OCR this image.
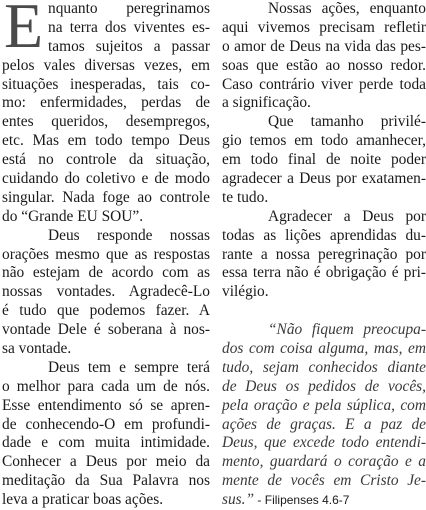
E nquanto peregrinamos
na terra dos viventes es-
tamos sujeitos a passar
pelos vales diversas vezes, em
situações inesperadas, tais co-
mo: enfermidades, perdas de
entes queridos, desempregos,
etc. Mas em todo tempo Deus
está no controle da situação,
cuidando do coletivo e de modo
singular. Nada foge ao controle
do “Grande EU SOU”.
Deus responde nossas
orações mesmo que as respostas
não estejam de acordo com as
nossas vontades. Agradecê-Lo
é tudo que podemos fazer. A
vontade Dele é soberana à nos-
sa vontade.
Deus tem e sempre terá
o melhor para cada um de nós.
Esse entendimento só se apren-
de conhecendo-O em profundi-
dade e com muita intimidade.
Conhecer a Deus por meio da
meditação da Sua Palavra nos
leva a praticar boas ações.
Nossas ações, enquanto
aqui vivemos precisam refletir
o amor de Deus na vida das pes-
soas que estão ao nosso redor.
Caso contrário viver perde toda
a significação.
Que tamanho privilé-
gio temos em todo amanhecer,
em todo final de noite poder
agradecer a Deus por exatamen-
te tudo.
Agradecer a Deus por
todas as lições aprendidas du-
rante a nossa peregrinação por
essa terra não é obrigação é pri-
vilégio.
“Não fiquem preocupa-
dos com coisa alguma, mas, em
tudo, sejam conhecidos diante
de Deus os pedidos de vocês,
pela oração e pela súplica, com
ações de graças. E a paz de
Deus, que excede todo entendi-
mento, guardará o coração e a
mente de vocês em Cristo Je-
sus.” - Filipenses 4.6-7
